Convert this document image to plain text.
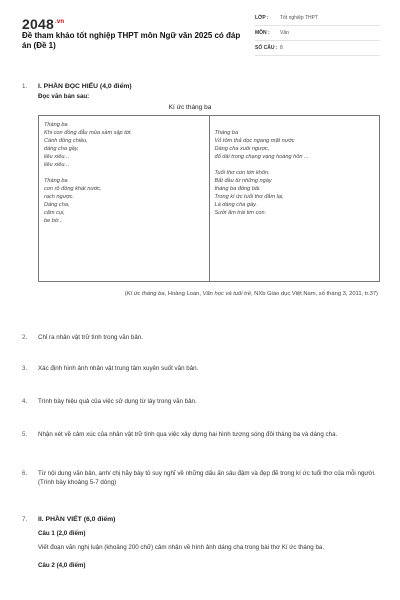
$2048^{.vn}$
Đề tham khảo tốt nghiệp THPT môn Ngữ văn 2025 có đáp án (Đề 1)
LỚP :	Tốt nghiệp THPT
MÔN :	Văn
SỐ CÂU : 8
1.	I. PHẦN ĐỌC HIỂU (4,0 điểm)
Đọc văn bản sau:
Kí ức tháng ba
Tháng ba
Khi con đồng đẫu mùa sầm sập tới.
Cánh đồng chiều,
dáng cha gầy,
liêu xiêu...
liêu xiêu...
Tháng ba
con rô đồng khát nước,
rạch ngược.
Dáng cha,
cặm cụi,
be bờ...
Tháng ba
Vỏ tôm thả dọc ngang mặt nước
Dáng cha xuôi ngược,
đổ dài trong chạng vạng hoàng hôn ...
Tuổi thơ con lớn khôn.
Bắt đầu từ những ngày
tháng ba đồng bãi.
Trong kí ức tuổi thơ đằm lại,
Là dáng cha gầy.
Sưởi ấm trái tim con.
(Kí ức tháng ba, Hoàng Loan, Văn học và tuổi trẻ, NXb Giáo dục Việt Nam, số tháng 3, 2011, tr.37)
2.	Chỉ ra nhân vật trữ tình trong văn bản.
3.	Xác định hình ảnh nhân vật trung tâm xuyên suốt văn bản.
4.	Trình bày hiệu quả của việc sử dụng từ láy trong văn bản.
5.	Nhận xét về cảm xúc của nhân vật trữ tình qua việc xây dựng hai hình tượng sóng đôi tháng ba và dáng cha.
6.	Từ nội dung văn bản, anh/ chị hãy bày tỏ suy nghĩ về những dấu ấn sâu đậm và đẹp đẽ trong kí ức tuổi thơ của mỗi người. (Trình bày khoảng 5-7 dòng)
7.	II. PHẦN VIẾT (6,0 điểm)
Câu 1 (2,0 điểm)
Viết đoạn văn nghị luận (khoảng 200 chữ) cảm nhận về hình ảnh dáng cha trong bài thơ Kí ức tháng ba.
Câu 2 (4,0 điểm)
